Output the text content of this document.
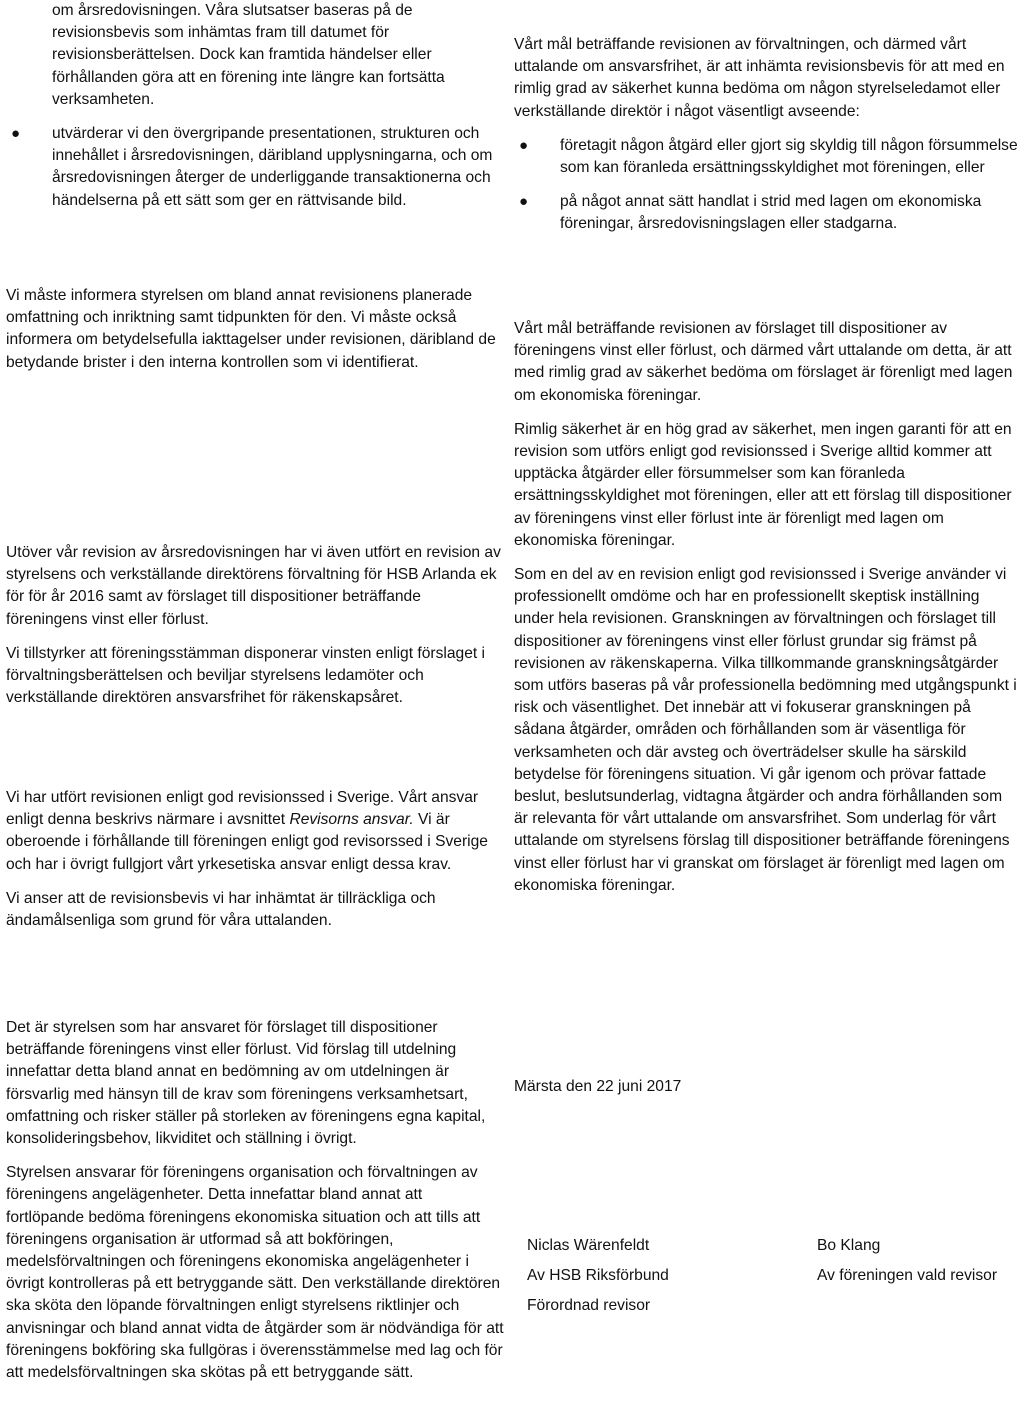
om årsredovisningen. Våra slutsatser baseras på de revisionsbevis som inhämtas fram till datumet för revisionsberättelsen. Dock kan framtida händelser eller förhållanden göra att en förening inte längre kan fortsätta verksamheten.

● utvärderar vi den övergripande presentationen, strukturen och innehållet i årsredovisningen, däribland upplysningarna, och om årsredovisningen återger de underliggande transaktionerna och händelserna på ett sätt som ger en rättvisande bild.

Vi måste informera styrelsen om bland annat revisionens planerade omfattning och inriktning samt tidpunkten för den. Vi måste också informera om betydelsefulla iakttagelser under revisionen, däribland de betydande brister i den interna kontrollen som vi identifierat.

Utöver vår revision av årsredovisningen har vi även utfört en revision av styrelsens och verkställande direktörens förvaltning för HSB Arlanda ek för för år 2016 samt av förslaget till dispositioner beträffande föreningens vinst eller förlust.

Vi tillstyrker att föreningsstämman disponerar vinsten enligt förslaget i förvaltningsberättelsen och beviljar styrelsens ledamöter och verkställande direktören ansvarsfrihet för räkenskapsåret.

Vi har utfört revisionen enligt god revisionssed i Sverige. Vårt ansvar enligt denna beskrivs närmare i avsnittet Revisorns ansvar. Vi är oberoende i förhållande till föreningen enligt god revisorssed i Sverige och har i övrigt fullgjort vårt yrkesetiska ansvar enligt dessa krav.

Vi anser att de revisionsbevis vi har inhämtat är tillräckliga och ändamålsenliga som grund för våra uttalanden.

Det är styrelsen som har ansvaret för förslaget till dispositioner beträffande föreningens vinst eller förlust. Vid förslag till utdelning innefattar detta bland annat en bedömning av om utdelningen är försvarlig med hänsyn till de krav som föreningens verksamhetsart, omfattning och risker ställer på storleken av föreningens egna kapital, konsolideringsbehov, likviditet och ställning i övrigt.

Styrelsen ansvarar för föreningens organisation och förvaltningen av föreningens angelägenheter. Detta innefattar bland annat att fortlöpande bedöma föreningens ekonomiska situation och att tills att föreningens organisation är utformad så att bokföringen, medelsförvaltningen och föreningens ekonomiska angelägenheter i övrigt kontrolleras på ett betryggande sätt. Den verkställande direktören ska sköta den löpande förvaltningen enligt styrelsens riktlinjer och anvisningar och bland annat vidta de åtgärder som är nödvändiga för att föreningens bokföring ska fullgöras i överensstämmelse med lag och för att medelsförvaltningen ska skötas på ett betryggande sätt.

Vårt mål beträffande revisionen av förvaltningen, och därmed vårt uttalande om ansvarsfrihet, är att inhämta revisionsbevis för att med en rimlig grad av säkerhet kunna bedöma om någon styrelseledamot eller verkställande direktör i något väsentligt avseende:

● företagit någon åtgärd eller gjort sig skyldig till någon försummelse som kan föranleda ersättningsskyldighet mot föreningen, eller
● på något annat sätt handlat i strid med lagen om ekonomiska föreningar, årsredovisningslagen eller stadgarna.

Vårt mål beträffande revisionen av förslaget till dispositioner av föreningens vinst eller förlust, och därmed vårt uttalande om detta, är att med rimlig grad av säkerhet bedöma om förslaget är förenligt med lagen om ekonomiska föreningar.

Rimlig säkerhet är en hög grad av säkerhet, men ingen garanti för att en revision som utförs enligt god revisionssed i Sverige alltid kommer att upptäcka åtgärder eller försummelser som kan föranleda ersättningsskyldighet mot föreningen, eller att ett förslag till dispositioner av föreningens vinst eller förlust inte är förenligt med lagen om ekonomiska föreningar.

Som en del av en revision enligt god revisionssed i Sverige använder vi professionellt omdöme och har en professionellt skeptisk inställning under hela revisionen. Granskningen av förvaltningen och förslaget till dispositioner av föreningens vinst eller förlust grundar sig främst på revisionen av räkenskaperna. Vilka tillkommande granskningsåtgärder som utförs baseras på vår professionella bedömning med utgångspunkt i risk och väsentlighet. Det innebär att vi fokuserar granskningen på sådana åtgärder, områden och förhållanden som är väsentliga för verksamheten och där avsteg och överträdelser skulle ha särskild betydelse för föreningens situation. Vi går igenom och prövar fattade beslut, beslutsunderlag, vidtagna åtgärder och andra förhållanden som är relevanta för vårt uttalande om ansvarsfrihet. Som underlag för vårt uttalande om styrelsens förslag till dispositioner beträffande föreningens vinst eller förlust har vi granskat om förslaget är förenligt med lagen om ekonomiska föreningar.

Märsta den 22 juni 2017

Niclas Wärenfeldt
Av HSB Riksförbund
Förordnad revisor
Bo Klang
Av föreningen vald revisor
